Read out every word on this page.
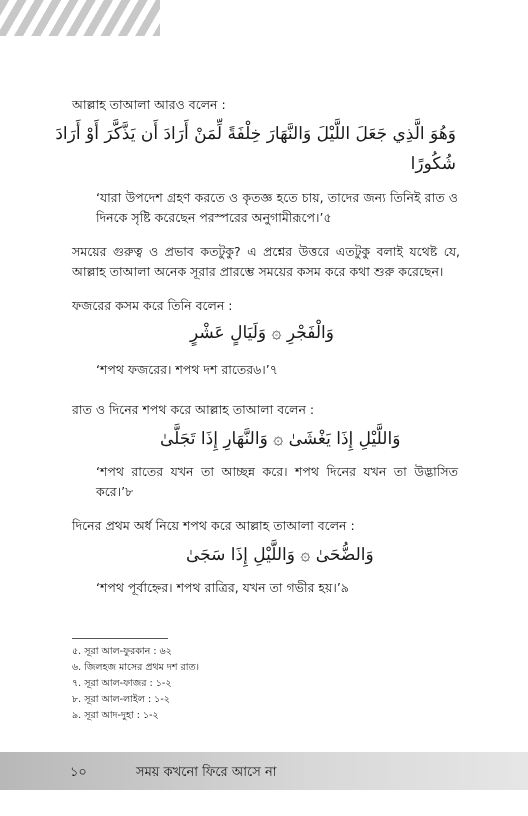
আল্লাহ তাআলা আরও বলেন :
وَهُوَ الَّذِي جَعَلَ اللَّيْلَ وَالنَّهَارَ خِلْفَةً لِّمَنْ أَرَادَ أَن يَذَّكَّرَ أَوْ أَرَادَ
شُكُورًا
‘যারা উপদেশ গ্রহণ করতে ও কৃতজ্ঞ হতে চায়, তাদের জন্য তিনিই রাত ও দিনকে সৃষ্টি করেছেন পরস্পরের অনুগামীরূপে।’৫
সময়ের গুরুত্ব ও প্রভাব কতটুকু? এ প্রশ্নের উত্তরে এতটুকু বলাই যথেষ্ট যে, আল্লাহ তাআলা অনেক সূরার প্রারম্ভে সময়ের কসম করে কথা শুরু করেছেন।
ফজরের কসম করে তিনি বলেন :
وَالْفَجْرِ ۞ وَلَيَالٍ عَشْرٍ
‘শপথ ফজরের। শপথ দশ রাতের৬।’৭
রাত ও দিনের শপথ করে আল্লাহ তাআলা বলেন :
وَاللَّيْلِ إِذَا يَغْشَىٰ ۞ وَالنَّهَارِ إِذَا تَجَلَّىٰ
‘শপথ রাতের যখন তা আচ্ছন্ন করে। শপথ দিনের যখন তা উদ্ভাসিত করে।’৮
দিনের প্রথম অর্ধ নিয়ে শপথ করে আল্লাহ তাআলা বলেন :
وَالضُّحَىٰ ۞ وَاللَّيْلِ إِذَا سَجَىٰ
‘শপথ পূর্বাহ্নের। শপথ রাত্রির, যখন তা গভীর হয়।’৯
৫. সূরা আল-ফুরকান : ৬২
৬. জিলহজ মাসের প্রথম দশ রাত।
৭. সূরা আল-ফাজর : ১-২
৮. সূরা আল-লাইল : ১-২
৯. সূরা আদ-দুহা : ১-২
১০	সময় কখনো ফিরে আসে না
